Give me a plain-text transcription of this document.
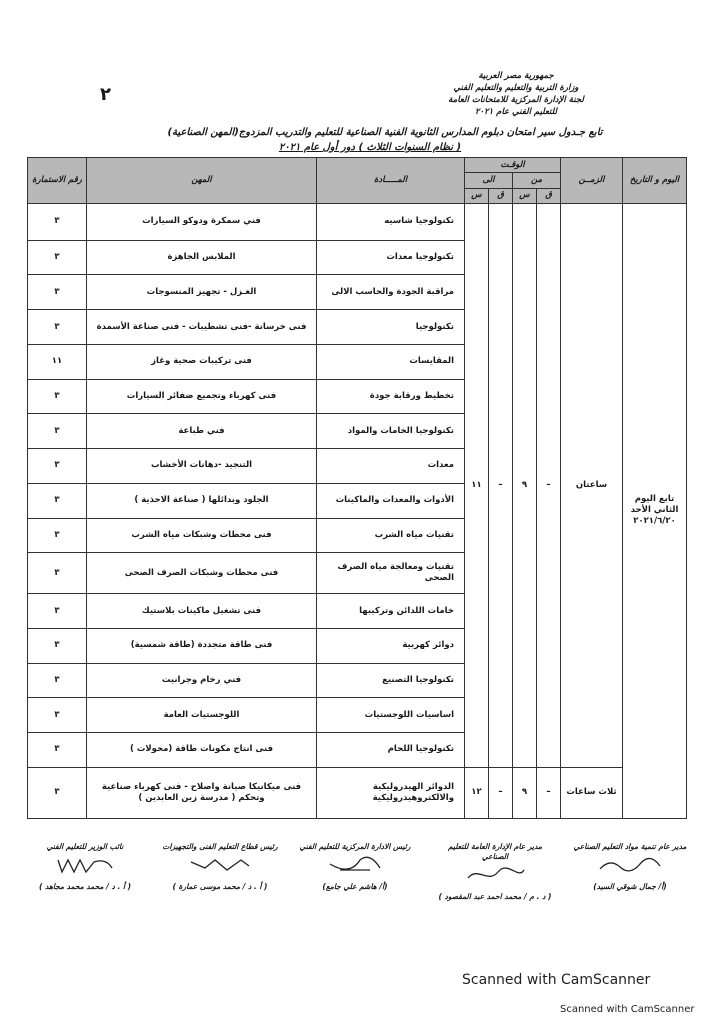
٢
جمهورية مصر العربية
وزارة التربية والتعليم والتعليم الفني
لجنة الإدارة المركزية للامتحانات العامة
للتعليم الفني عام ٢٠٢١
تابع جـدول سير امتحان دبلوم المدارس الثانوية الفنية الصناعية للتعليم والتدريب المزدوج(المهن الصناعية)
( نظام السنوات الثلاث ) دور أول عام ٢٠٢١
اليوم و التاريخ	الزمــن	الوقـت				المـــــادة	المهن	رقم الاستمارة
		من		الى				
		ق	س	ق	س			
تابع اليوم الثاني الأحد ٢٠٢١/٦/٢٠	ساعتان	–	٩	–	١١	تكنولوجيا شاسيه	فني سمكرة ودوكو السيارات	٣
						تكنولوجيا معدات	الملابس الجاهزة	٣
						مراقبة الجودة والحاسب الالى	الغـزل - تجهيز المنسوجات	٣
						تكنولوجيا	فنى خرسانة -فنى تشطيبات - فنى صناعة الأسمدة	٣
						المقايسات	فنى تركيبات صحية وغاز	١١
						تخطيط ورقابة جودة	فنى كهرباء وتجميع ضفائر السيارات	٣
						تكنولوجيا الخامات والمواد	فني طباعة	٣
						معدات	التنجيد -دهانات الأخشاب	٣
						الأدوات والمعدات والماكينات	الجلود وبدائلها ( صناعة الاحذية )	٣
						تقنيات مياه الشرب	فنى محطات وشبكات مياه الشرب	٣
						تقنيات ومعالجة مياه الصرف الصحى	فنى محطات وشبكات الصرف الصحى	٣
						خامات اللدائن وتركيبها	فنى تشغيل ماكينات بلاستيك	٣
						دوائر كهربية	فنى طاقة متجددة (طاقة شمسية)	٣
						تكنولوجيا التصنيع	فني رخام وجرانيت	٣
						اساسيات اللوجستيات	اللوجستيات العامة	٣
						تكنولوجيا اللحام	فنى انتاج مكونات طاقة (محولات )	٣
	ثلاث ساعات	–	٩	–	١٢	الدوائر الهيدروليكية والالكتروهيدروليكية	فنى ميكانيكا صيانة واصلاح - فنى كهرباء صناعية وتحكم ( مدرسة زين العابدين )	٣
مدير عام تنمية مواد التعليم الصناعي
(أ/ جمال شوقي السيد)
مدير عام الإدارة العامة للتعليم الصناعي
( د . م / محمد احمد عبد المقصود )
رئيس الادارة المركزية للتعليم الفني
(أ/ هاشم علي جامع)
رئيس قطاع التعليم الفنى والتجهيزات
( أ . د / محمد موسى عمارة )
نائب الوزير للتعليم الفني
( أ . د / محمد محمد مجاهد )
Scanned with CamScanner
Scanned with CamScanner
